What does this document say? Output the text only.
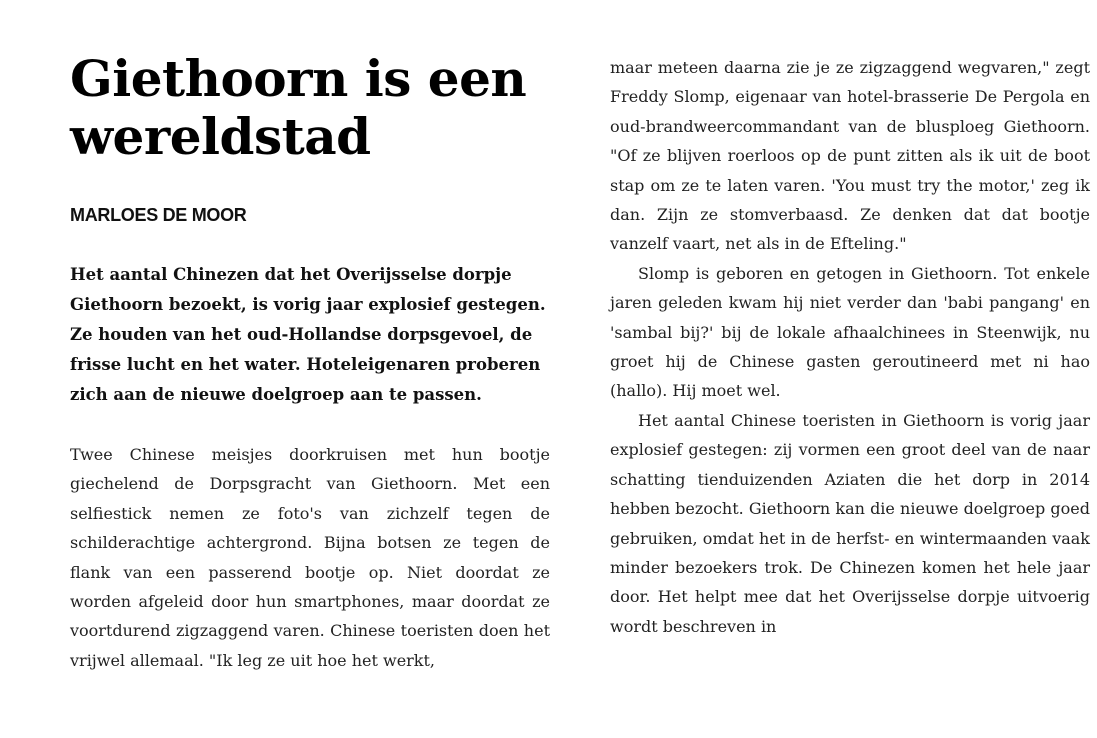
Giethoorn is een wereldstad
MARLOES DE MOOR

Het aantal Chinezen dat het Overijsselse dorpje Giethoorn bezoekt, is vorig jaar explosief gestegen. Ze houden van het oud-Hollandse dorpsgevoel, de frisse lucht en het water. Hoteleigenaren proberen zich aan de nieuwe doelgroep aan te passen.

Twee Chinese meisjes doorkruisen met hun bootje giechelend de Dorpsgracht van Giethoorn. Met een selfiestick nemen ze foto's van zichzelf tegen de schilderachtige achtergrond. Bijna botsen ze tegen de flank van een passerend bootje op. Niet doordat ze worden afgeleid door hun smartphones, maar doordat ze voortdurend zigzaggend varen. Chinese toeristen doen het vrijwel allemaal. "Ik leg ze uit hoe het werkt,

maar meteen daarna zie je ze zigzaggend wegvaren," zegt Freddy Slomp, eigenaar van hotel-brasserie De Pergola en oud-brandweercommandant van de blusploeg Giethoorn. "Of ze blijven roerloos op de punt zitten als ik uit de boot stap om ze te laten varen. 'You must try the motor,' zeg ik dan. Zijn ze stomverbaasd. Ze denken dat dat bootje vanzelf vaart, net als in de Efteling."

Slomp is geboren en getogen in Giethoorn. Tot enkele jaren geleden kwam hij niet verder dan 'babi pangang' en 'sambal bij?' bij de lokale afhaalchinees in Steenwijk, nu groet hij de Chinese gasten geroutineerd met ni hao (hallo). Hij moet wel.

Het aantal Chinese toeristen in Giethoorn is vorig jaar explosief gestegen: zij vormen een groot deel van de naar schatting tienduizenden Aziaten die het dorp in 2014 hebben bezocht. Giethoorn kan die nieuwe doelgroep goed gebruiken, omdat het in de herfst- en wintermaanden vaak minder bezoekers trok. De Chinezen komen het hele jaar door. Het helpt mee dat het Overijsselse dorpje uitvoerig wordt beschreven in
